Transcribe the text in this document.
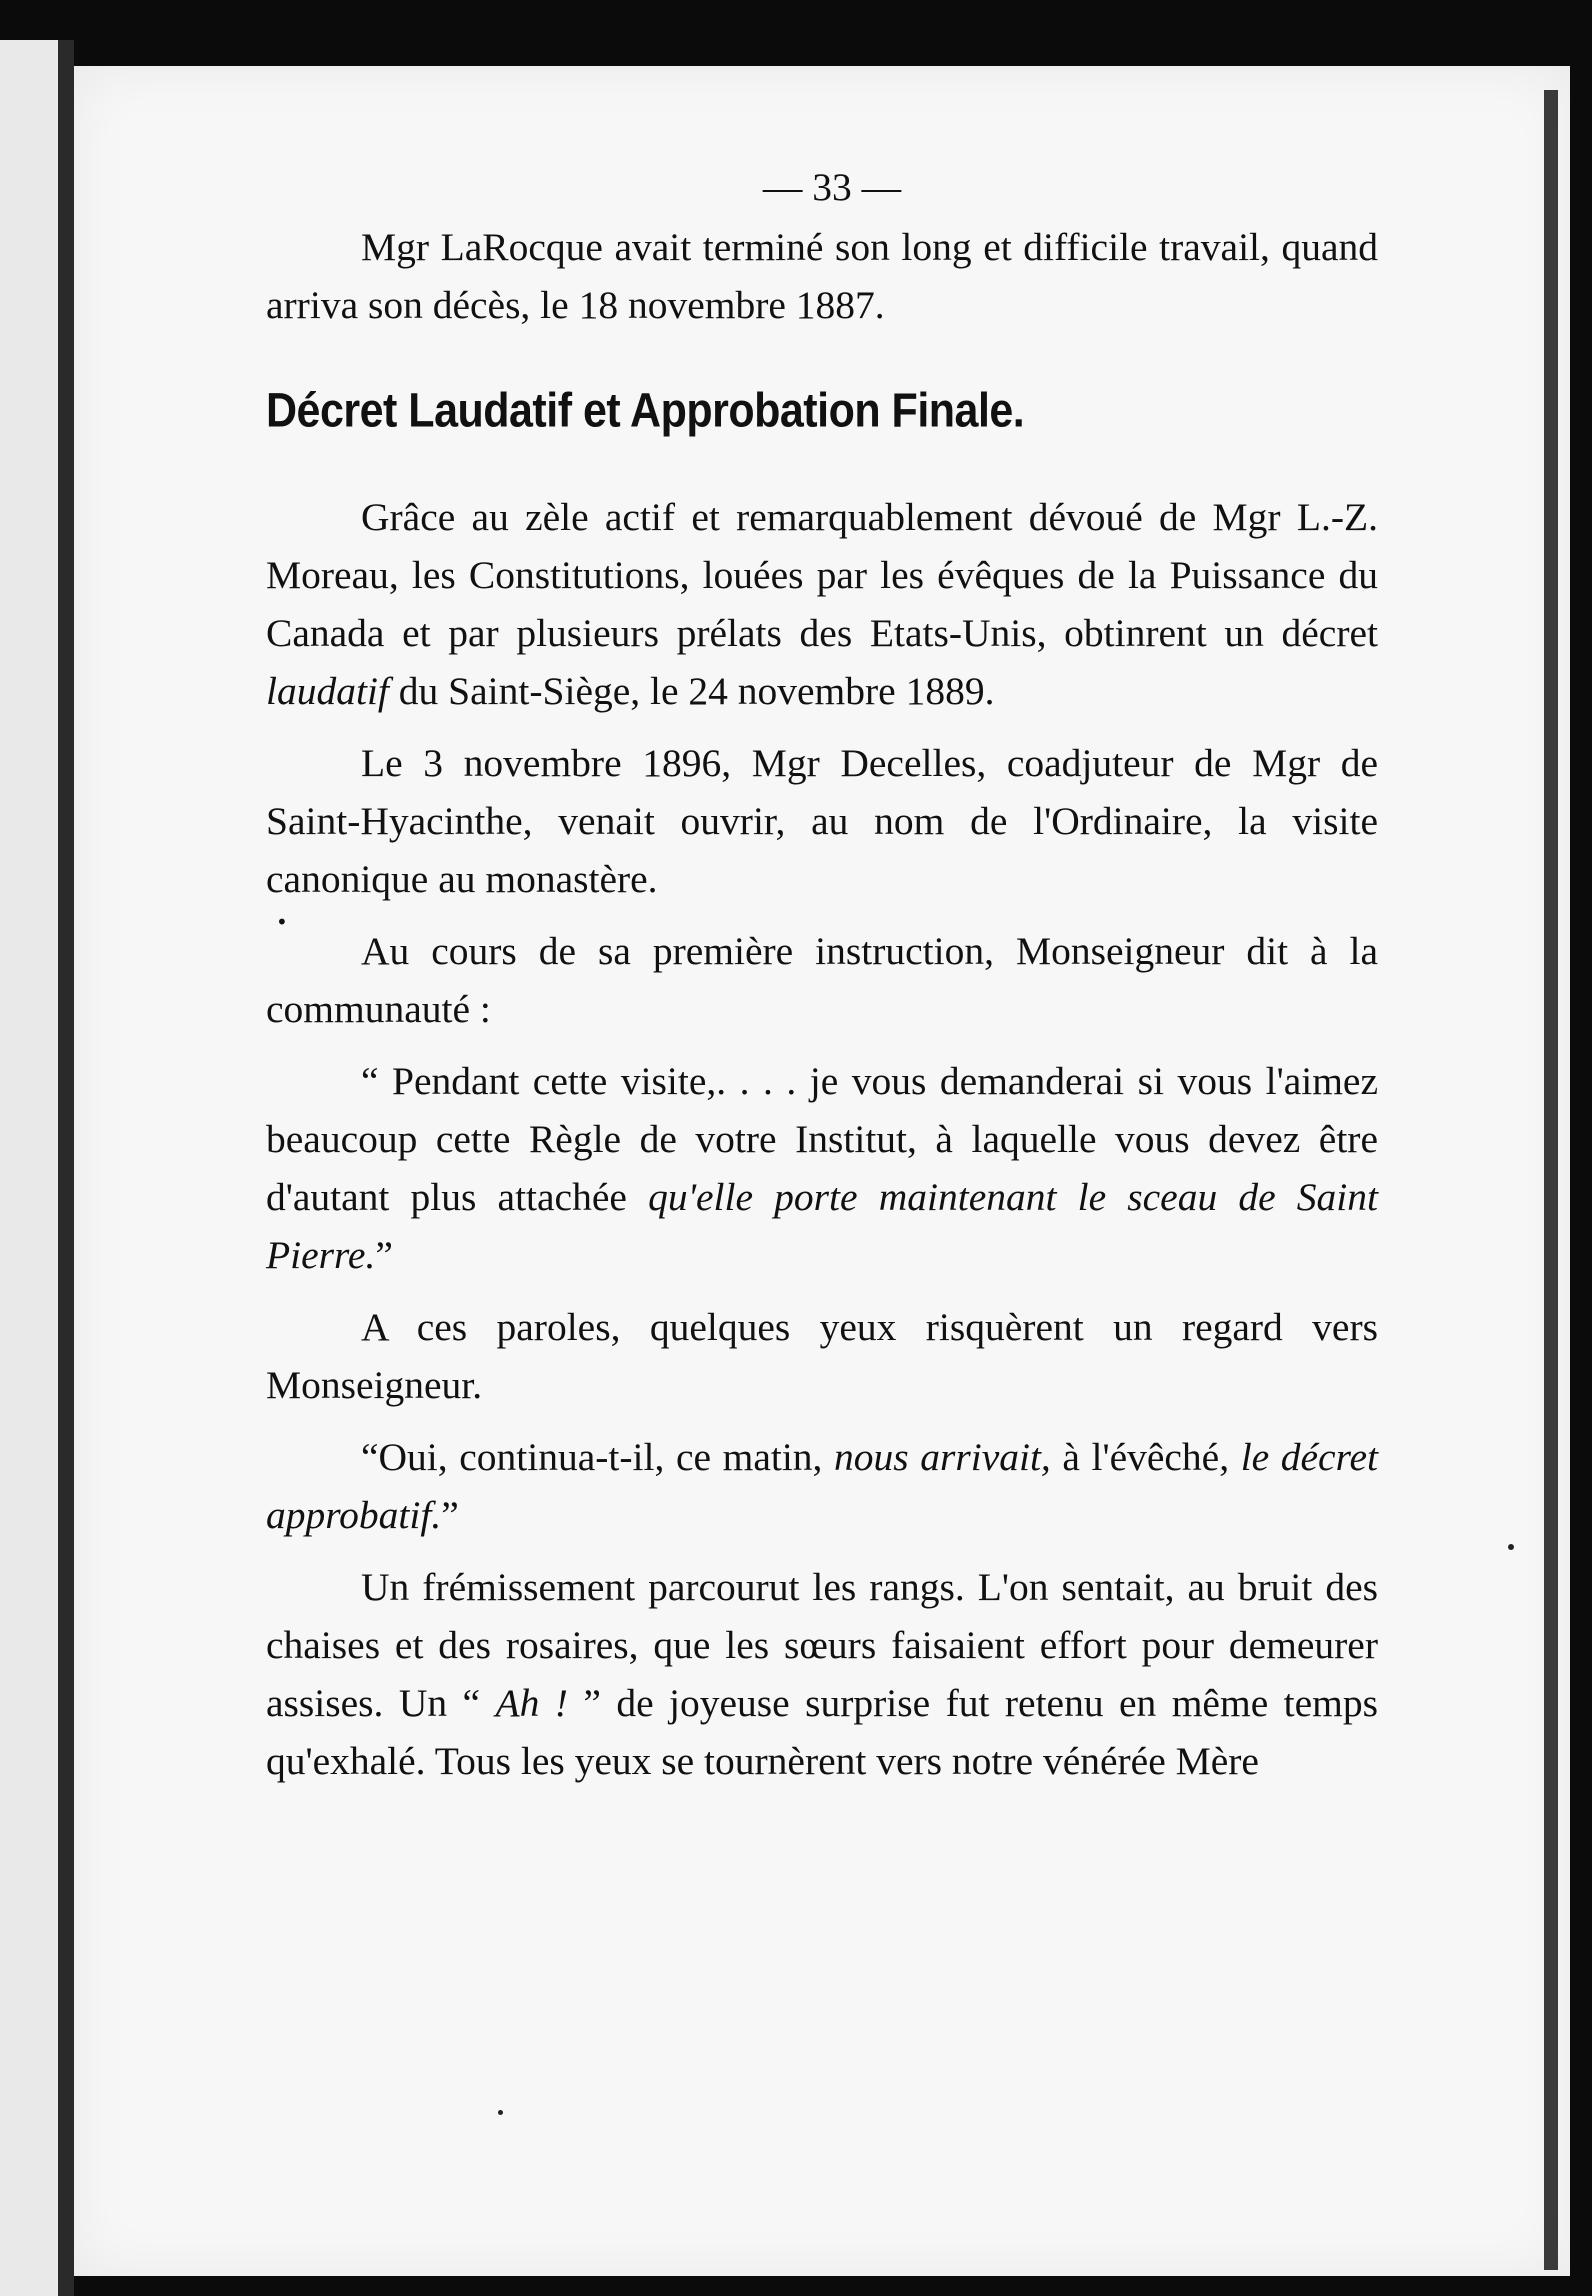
— 33 —

Mgr LaRocque avait terminé son long et difficile travail, quand arriva son décès, le 18 novembre 1887.

Décret Laudatif et Approbation Finale.

Grâce au zèle actif et remarquablement dévoué de Mgr L.-Z. Moreau, les Constitutions, louées par les évêques de la Puissance du Canada et par plusieurs prélats des Etats-Unis, obtinrent un décret laudatif du Saint-Siège, le 24 novembre 1889.

Le 3 novembre 1896, Mgr Decelles, coadjuteur de Mgr de Saint-Hyacinthe, venait ouvrir, au nom de l'Ordinaire, la visite canonique au monastère.

Au cours de sa première instruction, Monseigneur dit à la communauté :

“ Pendant cette visite,. . . . je vous demanderai si vous l'aimez beaucoup cette Règle de votre Institut, à laquelle vous devez être d'autant plus attachée qu'elle porte maintenant le sceau de Saint Pierre.”

A ces paroles, quelques yeux risquèrent un regard vers Monseigneur.

“Oui, continua-t-il, ce matin, nous arrivait, à l'évêché, le décret approbatif.”

Un frémissement parcourut les rangs. L'on sentait, au bruit des chaises et des rosaires, que les sœurs faisaient effort pour demeurer assises. Un “ Ah ! ” de joyeuse surprise fut retenu en même temps qu'exhalé. Tous les yeux se tournèrent vers notre vénérée Mère

•
